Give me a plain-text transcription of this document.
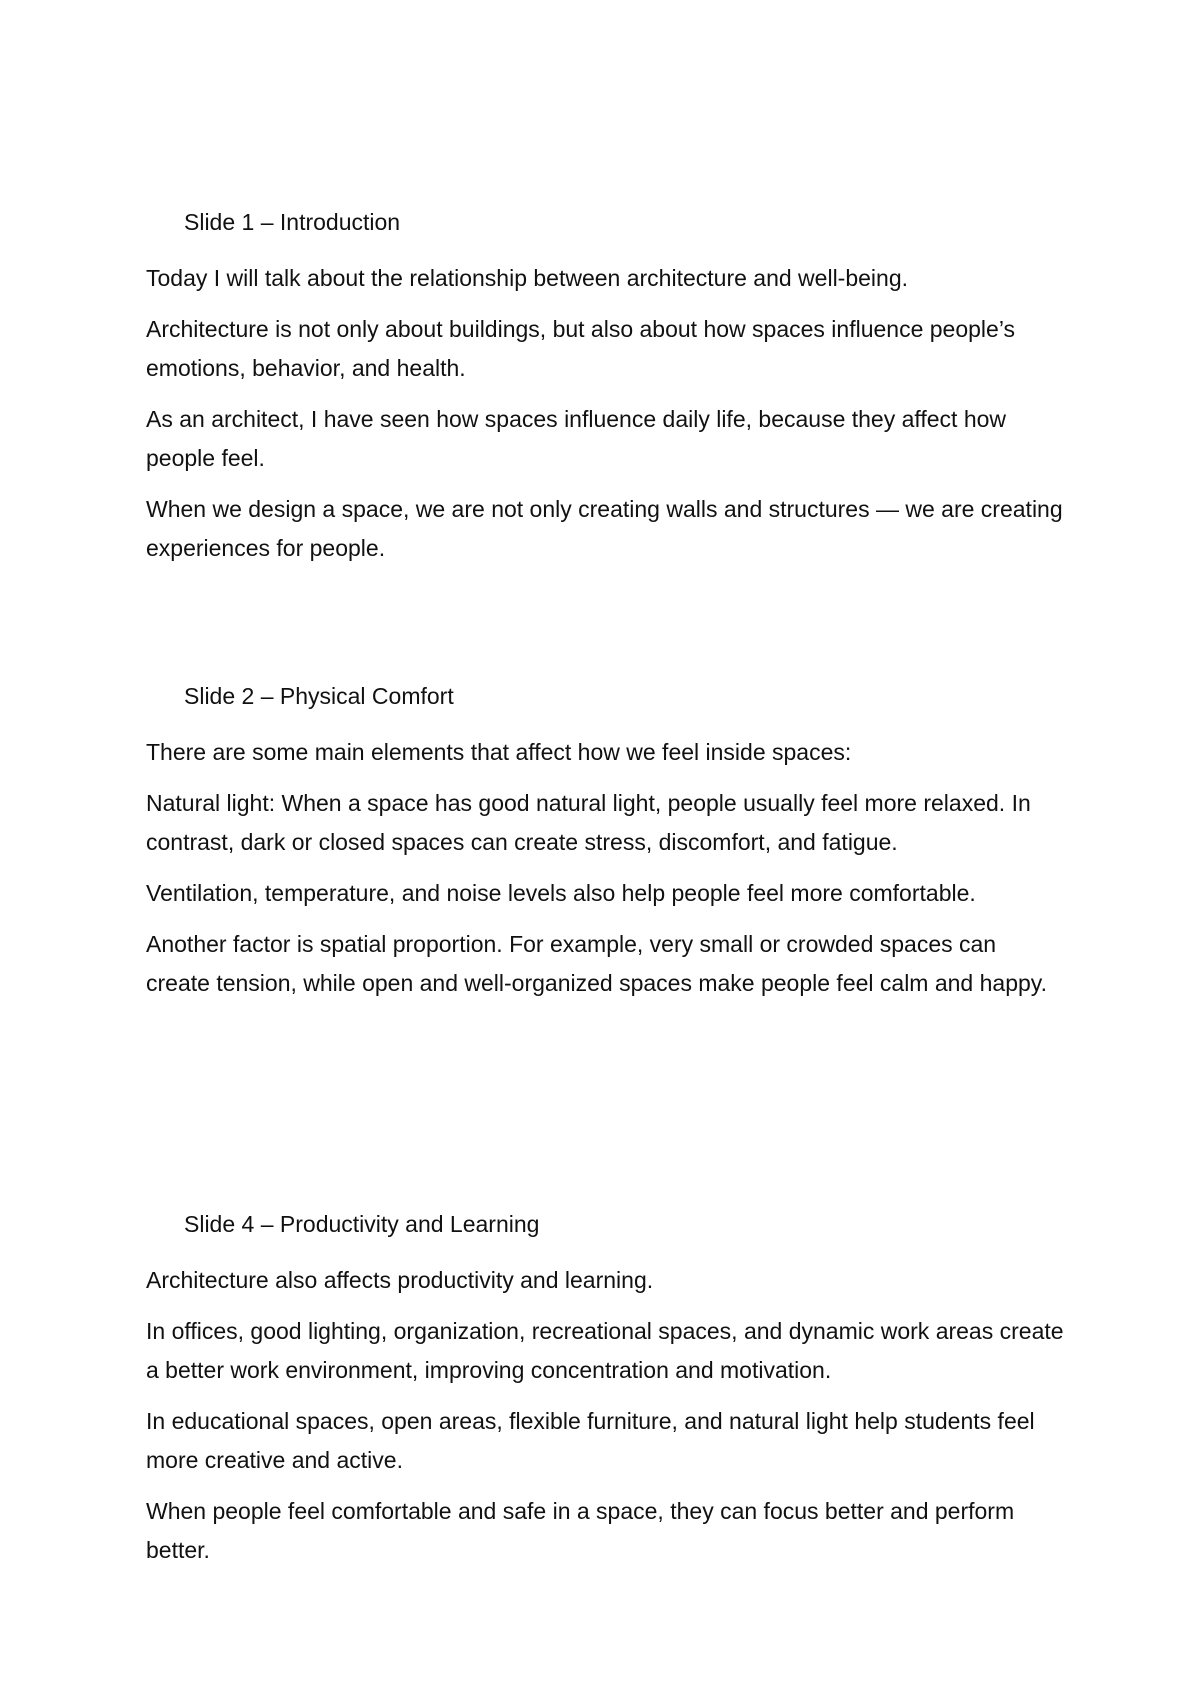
Slide 1 – Introduction

Today I will talk about the relationship between architecture and well-being.

Architecture is not only about buildings, but also about how spaces influence people’s emotions, behavior, and health.

As an architect, I have seen how spaces influence daily life, because they affect how people feel.

When we design a space, we are not only creating walls and structures — we are creating experiences for people.

Slide 2 – Physical Comfort

There are some main elements that affect how we feel inside spaces:

Natural light: When a space has good natural light, people usually feel more relaxed. In contrast, dark or closed spaces can create stress, discomfort, and fatigue.

Ventilation, temperature, and noise levels also help people feel more comfortable.

Another factor is spatial proportion. For example, very small or crowded spaces can create tension, while open and well-organized spaces make people feel calm and happy.

Slide 4 – Productivity and Learning

Architecture also affects productivity and learning.

In offices, good lighting, organization, recreational spaces, and dynamic work areas create a better work environment, improving concentration and motivation.

In educational spaces, open areas, flexible furniture, and natural light help students feel more creative and active.

When people feel comfortable and safe in a space, they can focus better and perform better.
